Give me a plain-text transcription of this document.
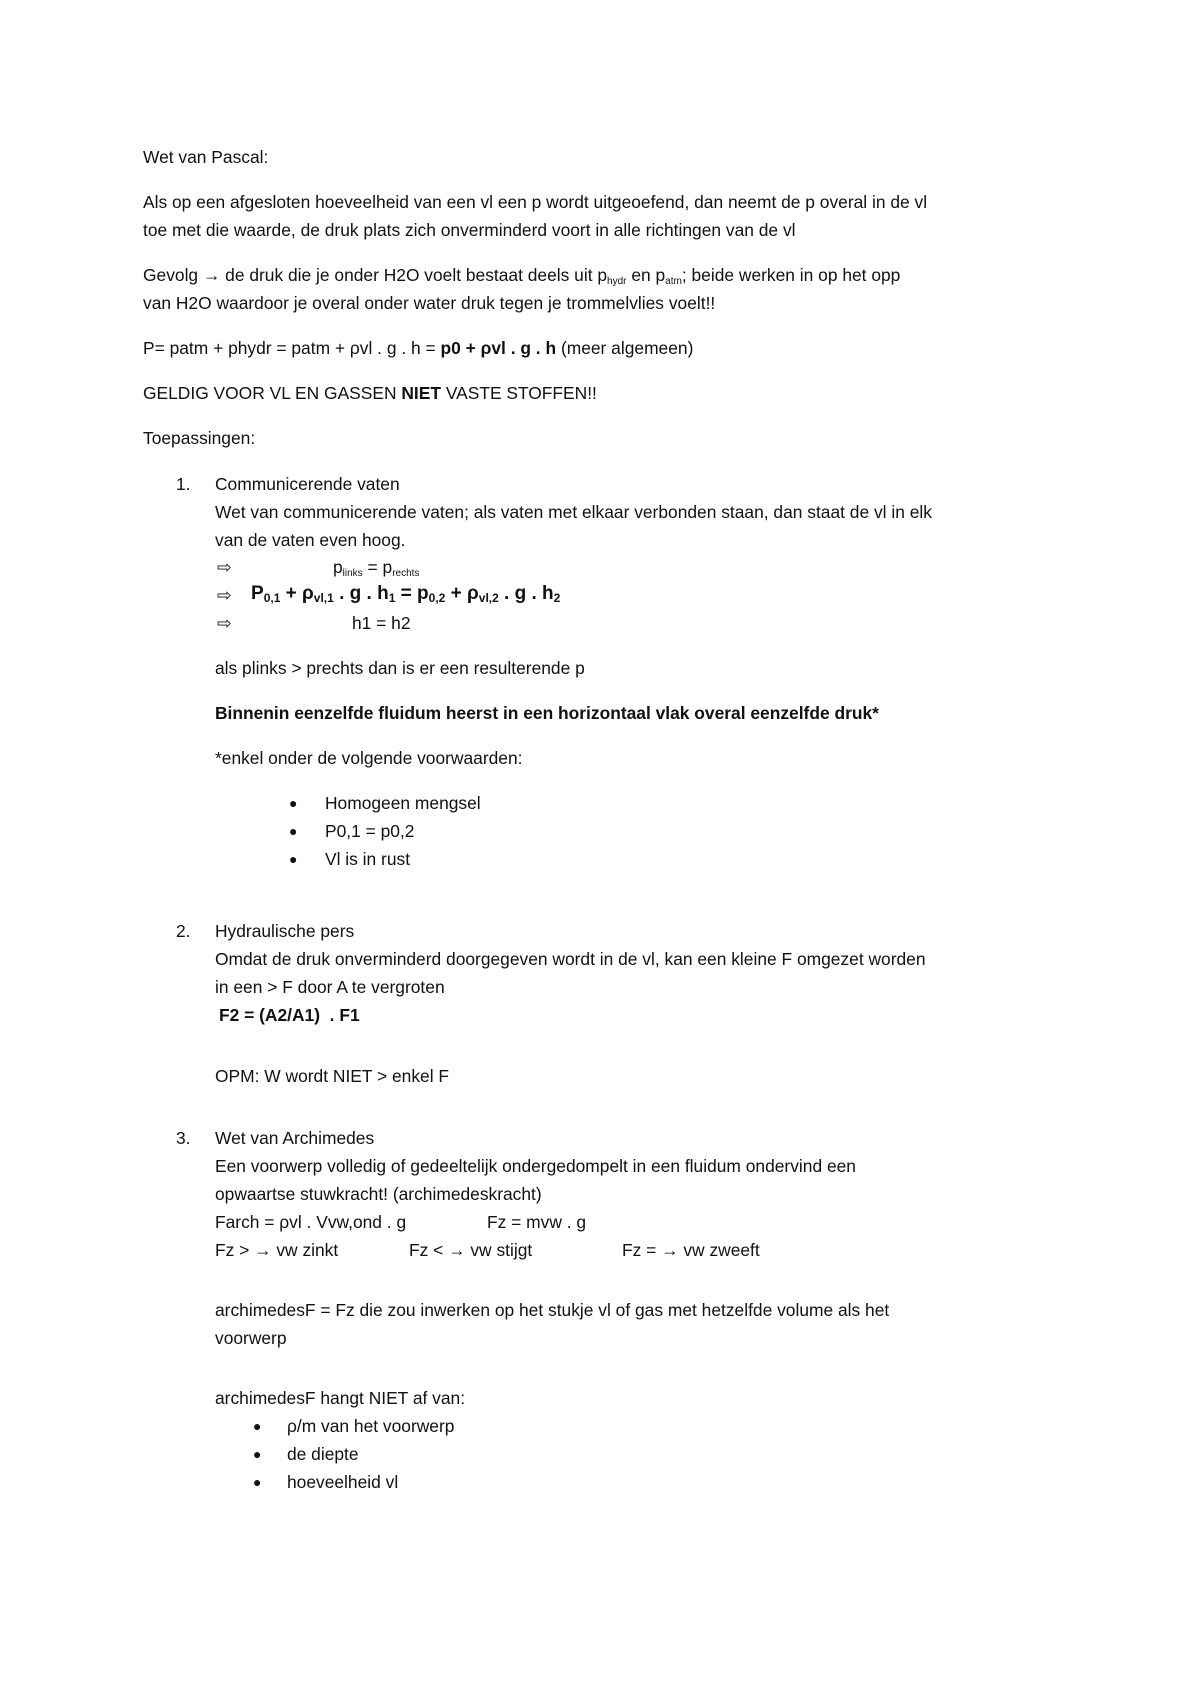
Wet van Pascal:
Als op een afgesloten hoeveelheid van een vl een p wordt uitgeoefend, dan neemt de p overal in de vl
toe met die waarde, de druk plats zich onverminderd voort in alle richtingen van de vl
Gevolg → de druk die je onder H2O voelt bestaat deels uit $p_{hydr}$ en $p_{atm}$; beide werken in op het opp
van H2O waardoor je overal onder water druk tegen je trommelvlies voelt!!
P= patm + phydr = patm + ρvl . g . h = p0 + ρvl . g . h (meer algemeen)
GELDIG VOOR VL EN GASSEN NIET VASTE STOFFEN!!
Toepassingen:
1. Communicerende vaten
Wet van communicerende vaten; als vaten met elkaar verbonden staan, dan staat de vl in elk
van de vaten even hoog.
⇨	$p_{links} = p_{rechts}$
⇨ $P_{0,1} + \rho_{vl,1}$ . g . $h_1 = p_{0,2} + \rho_{vl,2}$ . g . $h_2$
⇨	h1 = h2
als plinks > prechts dan is er een resulterende p
Binnenin eenzelfde fluidum heerst in een horizontaal vlak overal eenzelfde druk*
*enkel onder de volgende voorwaarden:
● Homogeen mengsel
● P0,1 = p0,2
● Vl is in rust
2. Hydraulische pers
Omdat de druk onverminderd doorgegeven wordt in de vl, kan een kleine F omgezet worden
in een > F door A te vergroten
F2 = (A2/A1)  . F1
OPM: W wordt NIET > enkel F
3. Wet van Archimedes
Een voorwerp volledig of gedeeltelijk ondergedompelt in een fluidum ondervind een
opwaartse stuwkracht! (archimedeskracht)
Farch = ρvl . Vvw,ond . g	Fz = mvw . g
Fz > → vw zinkt	Fz < → vw stijgt	Fz = → vw zweeft
archimedesF = Fz die zou inwerken op het stukje vl of gas met hetzelfde volume als het
voorwerp
archimedesF hangt NIET af van:
● ρ/m van het voorwerp
● de diepte
● hoeveelheid vl
